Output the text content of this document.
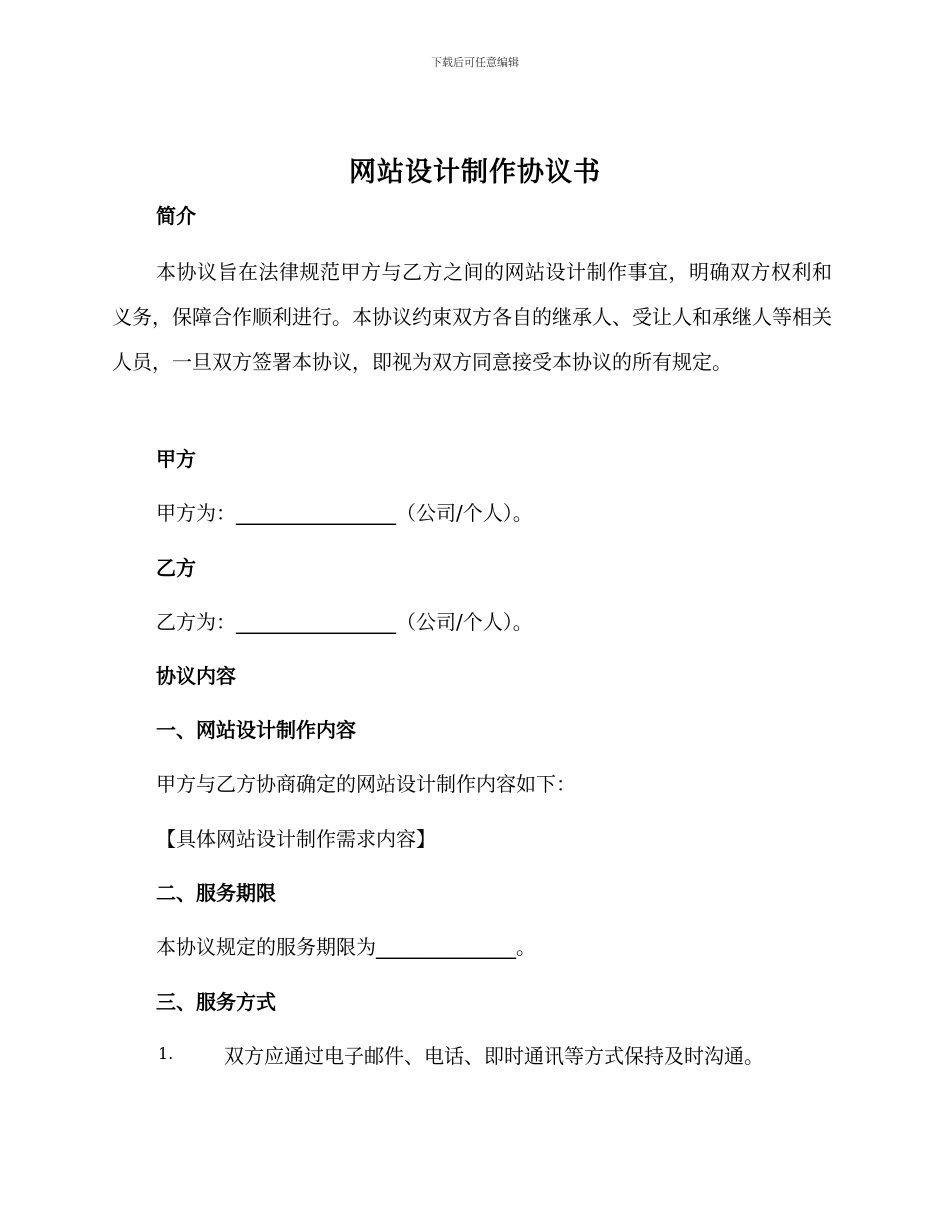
下载后可任意编辑
网站设计制作协议书
简介
本协议旨在法律规范甲方与乙方之间的网站设计制作事宜，明确双方权利和义务，保障合作顺利进行。本协议约束双方各自的继承人、受让人和承继人等相关人员，一旦双方签署本协议，即视为双方同意接受本协议的所有规定。
甲方
甲方为：________________（公司/个人）。
乙方
乙方为：________________（公司/个人）。
协议内容
一、网站设计制作内容
甲方与乙方协商确定的网站设计制作内容如下：
【具体网站设计制作需求内容】
二、服务期限
本协议规定的服务期限为______________。
三、服务方式
1.	双方应通过电子邮件、电话、即时通讯等方式保持及时沟通。
